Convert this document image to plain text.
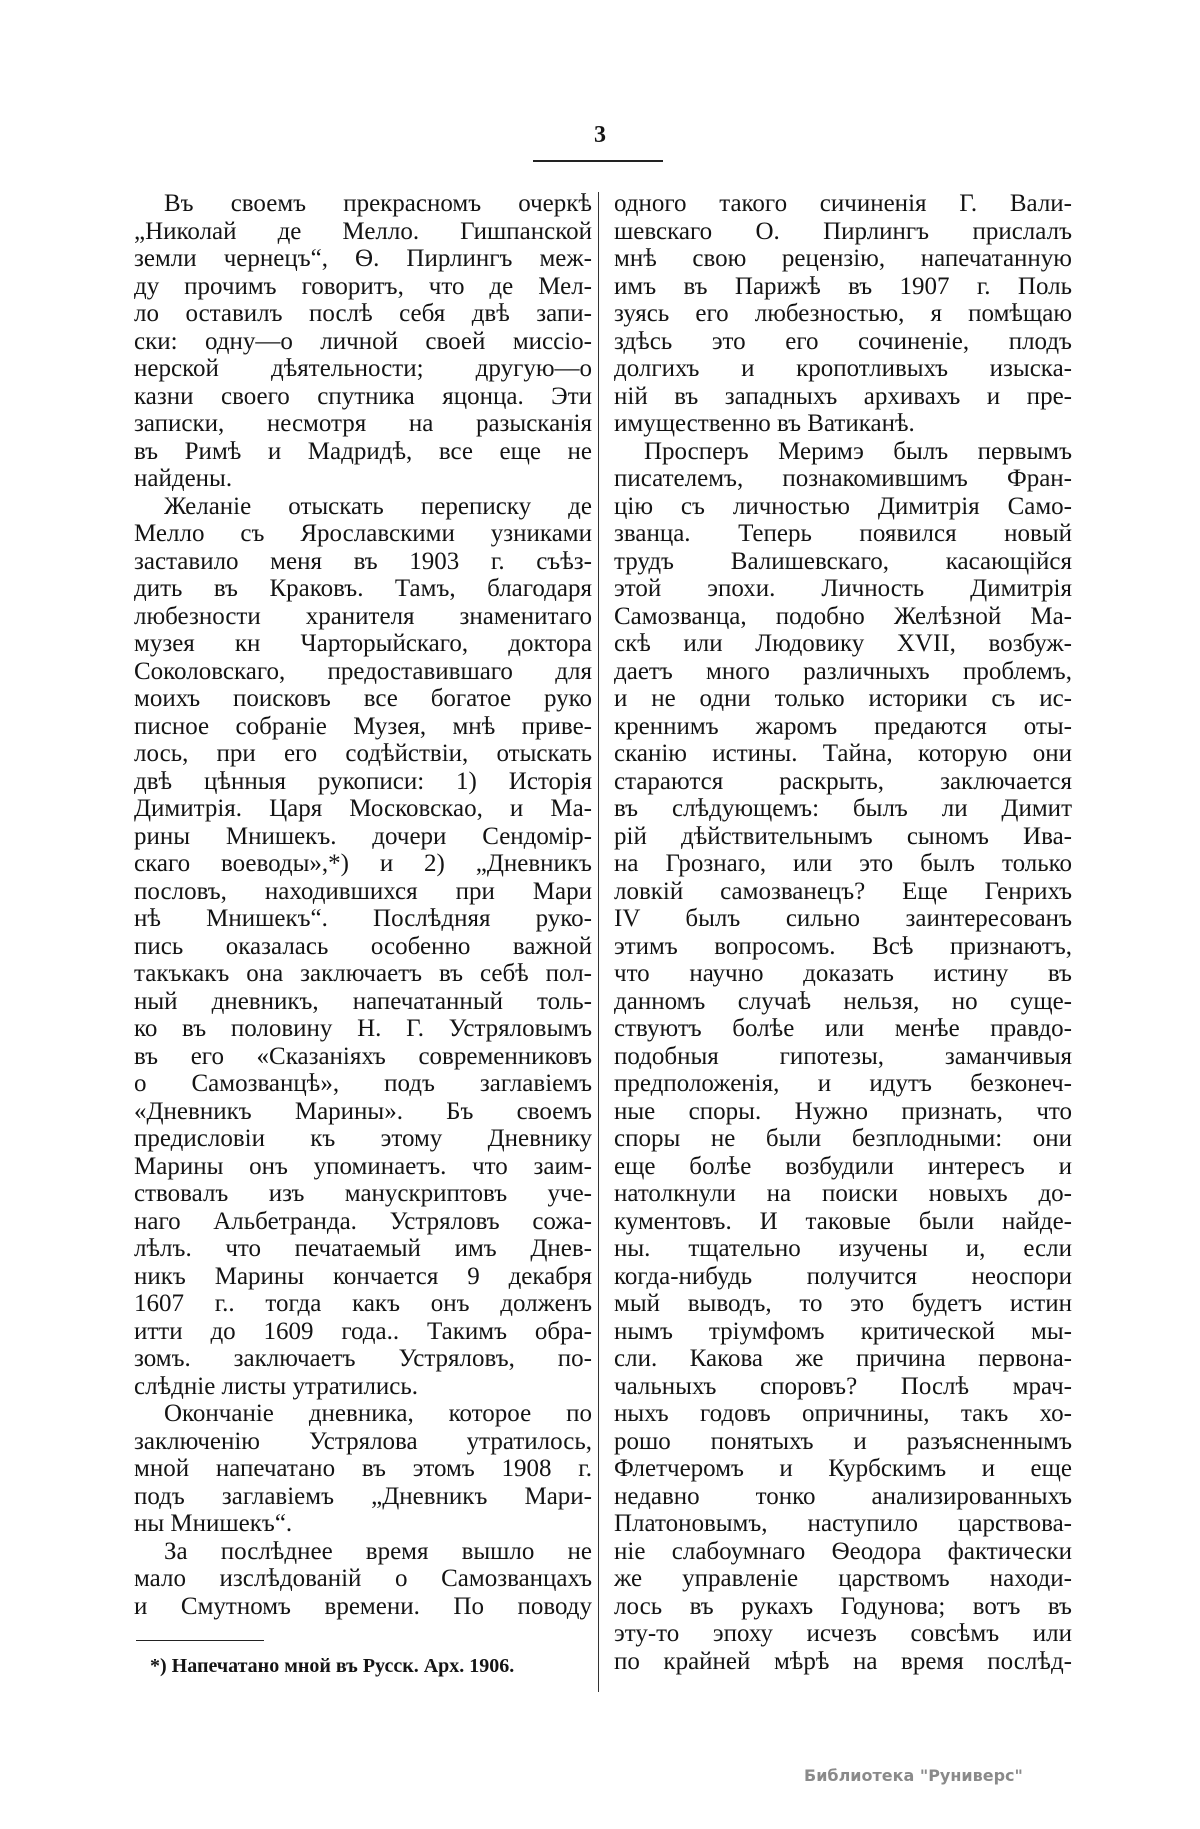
3
Въ своемъ прекрасномъ очеркѣ
„Николай де Мелло. Гишпанской
земли чернецъ“, Ѳ. Пирлингъ меж-
ду прочимъ говоритъ, что де Мел-
ло оставилъ послѣ себя двѣ запи-
ски: одну—о личной своей миссіо-
нерской дѣятельности; другую—о
казни своего спутника яцонца. Эти
записки, несмотря на разысканія
въ Римѣ и Мадридѣ, все еще не
найдены.
Желаніе отыскать переписку де
Мелло съ Ярославскими узниками
заставило меня въ 1903 г. съѣз-
дить въ Краковъ. Тамъ, благодаря
любезности хранителя знаменитаго
музея кн Чарторыйскаго, доктора
Соколовскаго, предоставившаго для
моихъ поисковъ все богатое руко
писное собраніе Музея, мнѣ приве-
лось, при его содѣйствіи, отыскать
двѣ цѣнныя рукописи: 1) Исторія
Димитрія. Царя Московскао, и Ма-
рины Мнишекъ. дочери Сендомір-
скаго воеводы»,*) и 2) „Дневникъ
пословъ, находившихся при Мари
нѣ Мнишекъ“. Послѣдняя руко-
пись оказалась особенно важной
такъкакъ она заключаетъ въ себѣ пол-
ный дневникъ, напечатанный толь-
ко въ половину Н. Г. Устряловымъ
въ его «Сказаніяхъ современниковъ
о Самозванцѣ», подъ заглавіемъ
«Дневникъ Марины». Бъ своемъ
предисловіи къ этому Дневнику
Марины онъ упоминаетъ. что заим-
ствовалъ изъ манускриптовъ уче-
наго Альбетранда. Устряловъ сожа-
лѣлъ. что печатаемый имъ Днев-
никъ Марины кончается 9 декабря
1607 г.. тогда какъ онъ долженъ
итти до 1609 года.. Такимъ обра-
зомъ. заключаетъ Устряловъ, по-
слѣдніе листы утратились.
Окончаніе дневника, которое по
заключенію Устрялова утратилось,
мной напечатано въ этомъ 1908 г.
подъ заглавіемъ „Дневникъ Мари-
ны Мнишекъ“.
За послѣднее время вышло не
мало изслѣдованій о Самозванцахъ
и Смутномъ времени. По поводу
одного такого сичиненія Г. Вали-
шевскаго О. Пирлингъ прислалъ
мнѣ свою рецензію, напечатанную
имъ въ Парижѣ въ 1907 г. Поль
зуясь его любезностью, я помѣщаю
здѣсь это его сочиненіе, плодъ
долгихъ и кропотливыхъ изыска-
ній въ западныхъ архивахъ и пре-
имущественно въ Ватиканѣ.
Просперъ Меримэ былъ первымъ
писателемъ, познакомившимъ Фран-
цію съ личностью Димитрія Само-
званца. Теперь появился новый
трудъ Валишевскаго, касающійся
этой эпохи. Личность Димитрія
Самозванца, подобно Желѣзной Ма-
скѣ или Людовику XVII, возбуж-
даетъ много различныхъ проблемъ,
и не одни только историки съ ис-
креннимъ жаромъ предаются оты-
сканію истины. Тайна, которую они
стараются раскрыть, заключается
въ слѣдующемъ: былъ ли Димит
рій дѣйствительнымъ сыномъ Ива-
на Грознаго, или это былъ только
ловкій самозванецъ? Еще Генрихъ
IV былъ сильно заинтересованъ
этимъ вопросомъ. Всѣ признаютъ,
что научно доказать истину въ
данномъ случаѣ нельзя, но суще-
ствуютъ болѣе или менѣе правдо-
подобныя гипотезы, заманчивыя
предположенія, и идутъ безконеч-
ные споры. Нужно признать, что
споры не были безплодными: они
еще болѣе возбудили интересъ и
натолкнули на поиски новыхъ до-
кументовъ. И таковые были найде-
ны. тщательно изучены и, если
когда-нибудь получится неоспори
мый выводъ, то это будетъ истин
нымъ тріумфомъ критической мы-
сли. Какова же причина первона-
чальныхъ споровъ? Послѣ мрач-
ныхъ годовъ опричнины, такъ хо-
рошо понятыхъ и разъясненнымъ
Флетчеромъ и Курбскимъ и еще
недавно тонко анализированныхъ
Платоновымъ, наступило царствова-
ніе слабоумнаго Ѳеодора фактически
же управленіе царствомъ находи-
лось въ рукахъ Годунова; вотъ въ
эту-то эпоху исчезъ совсѣмъ или
по крайней мѣрѣ на время послѣд-
*) Напечатано мной въ Русск. Арх. 1906.
Библиотека "Руниверс"
